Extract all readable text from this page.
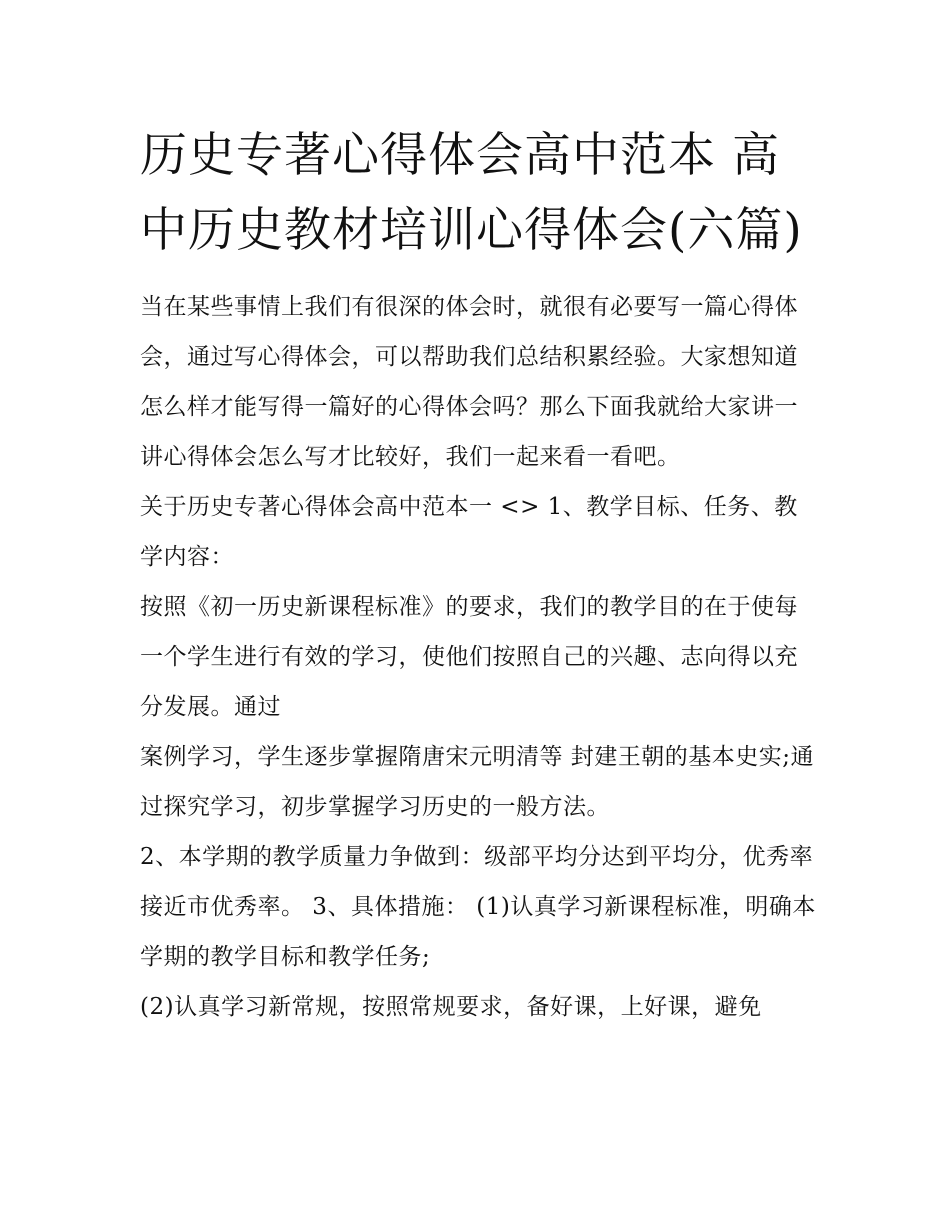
历史专著心得体会高中范本 高中历史教材培训心得体会(六篇)

当在某些事情上我们有很深的体会时，就很有必要写一篇心得体会，通过写心得体会，可以帮助我们总结积累经验。大家想知道怎么样才能写得一篇好的心得体会吗？那么下面我就给大家讲一讲心得体会怎么写才比较好，我们一起来看一看吧。

关于历史专著心得体会高中范本一 <> 1、教学目标、任务、教学内容：

按照《初一历史新课程标准》的要求，我们的教学目的在于使每一个学生进行有效的学习，使他们按照自己的兴趣、志向得以充分发展。通过

案例学习，学生逐步掌握隋唐宋元明清等 封建王朝的基本史实;通过探究学习，初步掌握学习历史的一般方法。

2、本学期的教学质量力争做到：级部平均分达到平均分，优秀率接近市优秀率。 3、具体措施： (1)认真学习新课程标准，明确本学期的教学目标和教学任务;

(2)认真学习新常规，按照常规要求，备好课，上好课，避免
